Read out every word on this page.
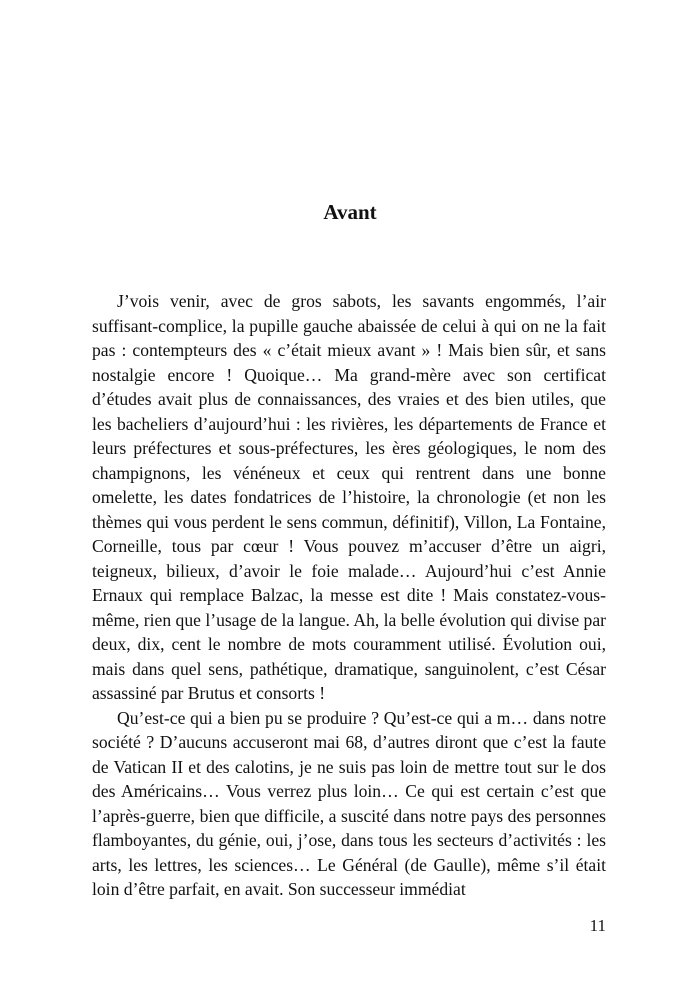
Avant

J’vois venir, avec de gros sabots, les savants engommés, l’air suffisant-complice, la pupille gauche abaissée de celui à qui on ne la fait pas : contempteurs des « c’était mieux avant » ! Mais bien sûr, et sans nostalgie encore ! Quoique… Ma grand-mère avec son certificat d’études avait plus de connaissances, des vraies et des bien utiles, que les bacheliers d’aujourd’hui : les rivières, les départements de France et leurs préfectures et sous-préfectures, les ères géologiques, le nom des champignons, les vénéneux et ceux qui rentrent dans une bonne omelette, les dates fondatrices de l’histoire, la chronologie (et non les thèmes qui vous perdent le sens commun, définitif), Villon, La Fontaine, Corneille, tous par cœur ! Vous pouvez m’accuser d’être un aigri, teigneux, bilieux, d’avoir le foie malade… Aujourd’hui c’est Annie Ernaux qui remplace Balzac, la messe est dite ! Mais constatez-vous-même, rien que l’usage de la langue. Ah, la belle évolution qui divise par deux, dix, cent le nombre de mots couramment utilisé. Évolution oui, mais dans quel sens, pathétique, dramatique, sanguinolent, c’est César assassiné par Brutus et consorts !

Qu’est-ce qui a bien pu se produire ? Qu’est-ce qui a m… dans notre société ? D’aucuns accuseront mai 68, d’autres diront que c’est la faute de Vatican II et des calotins, je ne suis pas loin de mettre tout sur le dos des Américains… Vous verrez plus loin… Ce qui est certain c’est que l’après-guerre, bien que difficile, a suscité dans notre pays des personnes flamboyantes, du génie, oui, j’ose, dans tous les secteurs d’activités : les arts, les lettres, les sciences… Le Général (de Gaulle), même s’il était loin d’être parfait, en avait. Son successeur immédiat

11
